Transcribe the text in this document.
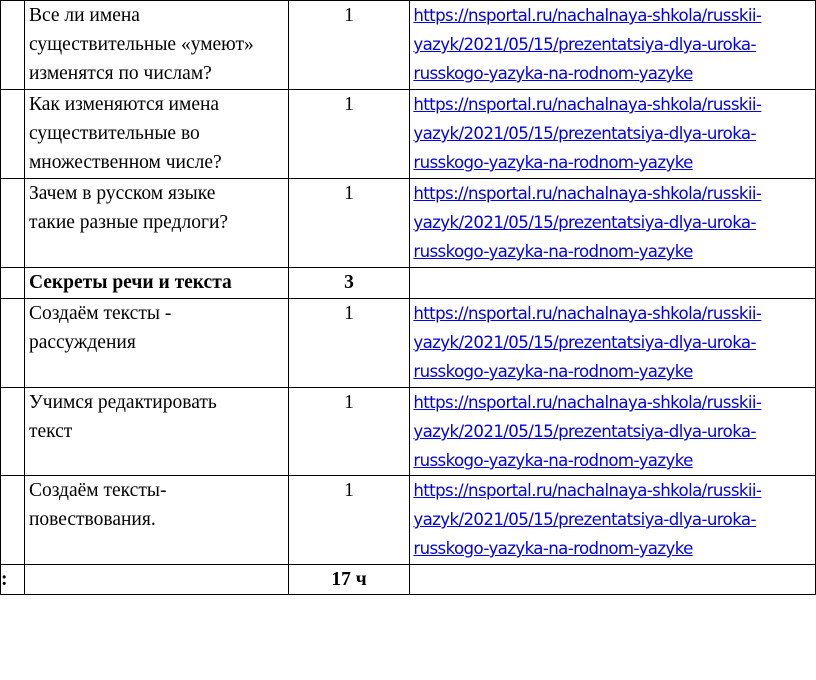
	Все ли имена
существительные «умеют»
изменятся по числам?	1	https://nsportal.ru/nachalnaya-shkola/russkii-
yazyk/2021/05/15/prezentatsiya-dlya-uroka-
russkogo-yazyka-na-rodnom-yazyke
	Как изменяются имена
существительные во
множественном числе?	1	https://nsportal.ru/nachalnaya-shkola/russkii-
yazyk/2021/05/15/prezentatsiya-dlya-uroka-
russkogo-yazyka-na-rodnom-yazyke
	Зачем в русском языке
такие разные предлоги?	1	https://nsportal.ru/nachalnaya-shkola/russkii-
yazyk/2021/05/15/prezentatsiya-dlya-uroka-
russkogo-yazyka-na-rodnom-yazyke
	Секреты речи и текста	3	
	Создаём тексты -
рассуждения	1	https://nsportal.ru/nachalnaya-shkola/russkii-
yazyk/2021/05/15/prezentatsiya-dlya-uroka-
russkogo-yazyka-na-rodnom-yazyke
	Учимся редактировать
текст	1	https://nsportal.ru/nachalnaya-shkola/russkii-
yazyk/2021/05/15/prezentatsiya-dlya-uroka-
russkogo-yazyka-na-rodnom-yazyke
	Создаём тексты-
повествования.	1	https://nsportal.ru/nachalnaya-shkola/russkii-
yazyk/2021/05/15/prezentatsiya-dlya-uroka-
russkogo-yazyka-na-rodnom-yazyke
:		17 ч	
